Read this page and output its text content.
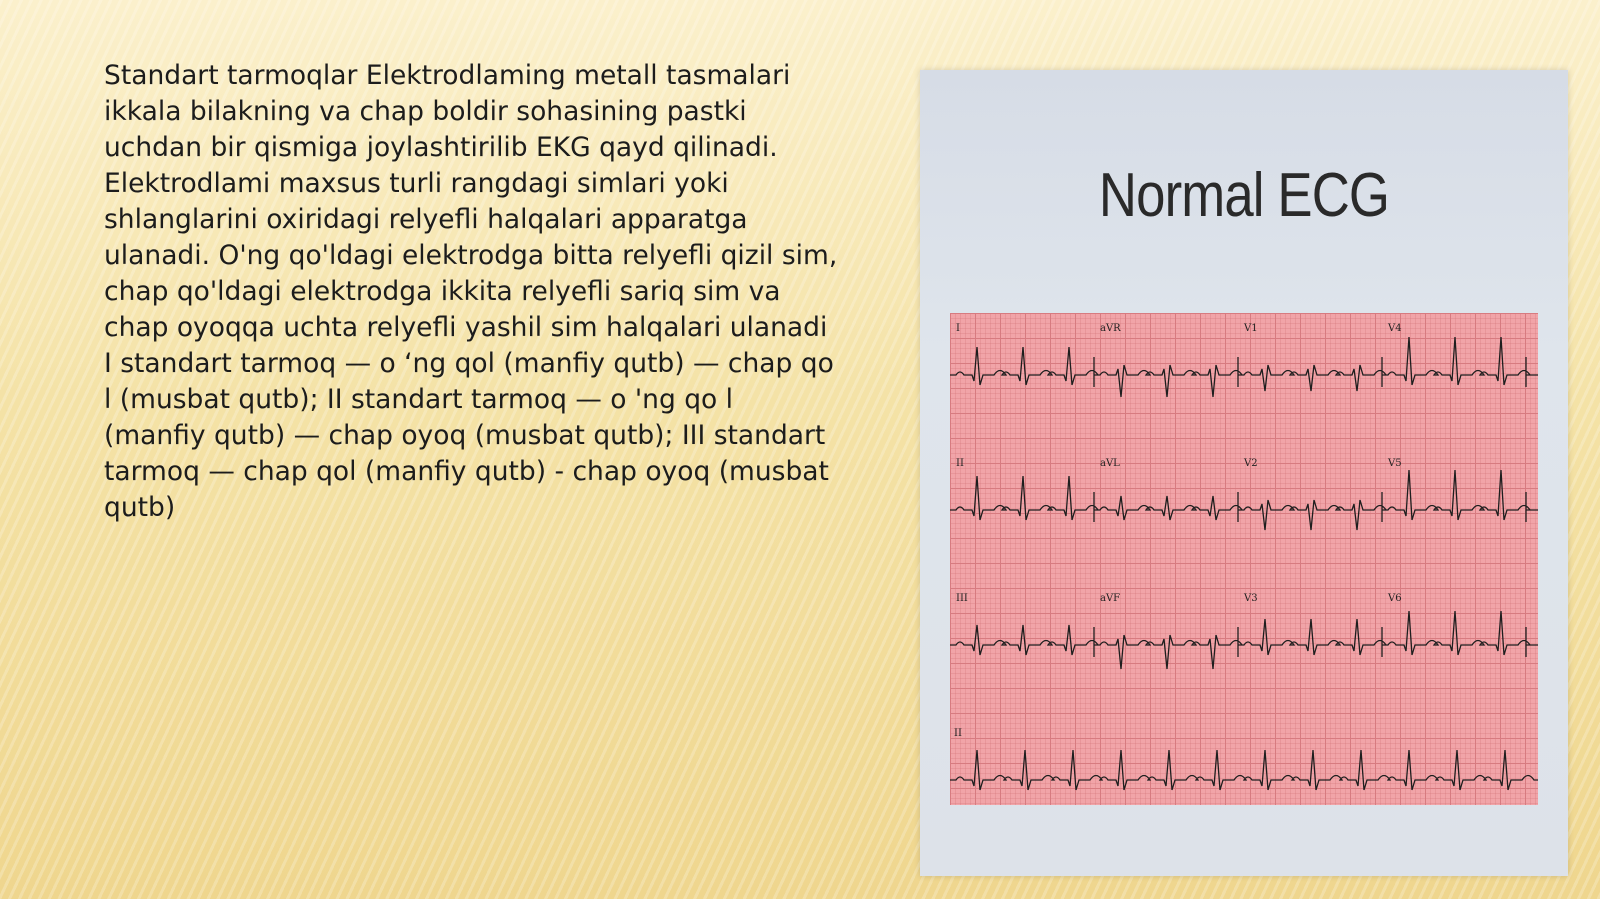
Standart tarmoqlar Elektrodlaming metall tasmalari
ikkala bilakning va chap boldir sohasining pastki
uchdan bir qismiga joylashtirilib EKG qayd qilinadi.
Elektrodlami maxsus turli rangdagi simlari yoki
shlanglarini oxiridagi relyefli halqalari apparatga
ulanadi. O'ng qo'ldagi elektrodga bitta relyefli qizil sim,
chap qo'ldagi elektrodga ikkita relyefli sariq sim va
chap oyoqqa uchta relyefli yashil sim halqalari ulanadi
I standart tarmoq — o ‘ng qol (manfiy qutb) — chap qo
l (musbat qutb); II standart tarmoq — o 'ng qo l
(manfiy qutb) — chap oyoq (musbat qutb); III standart
tarmoq — chap qol (manfiy qutb) - chap oyoq (musbat
qutb)

Normal ECG
I	aVR	V1	V4
II	aVL	V2	V5
III	aVF	V3	V6
II
